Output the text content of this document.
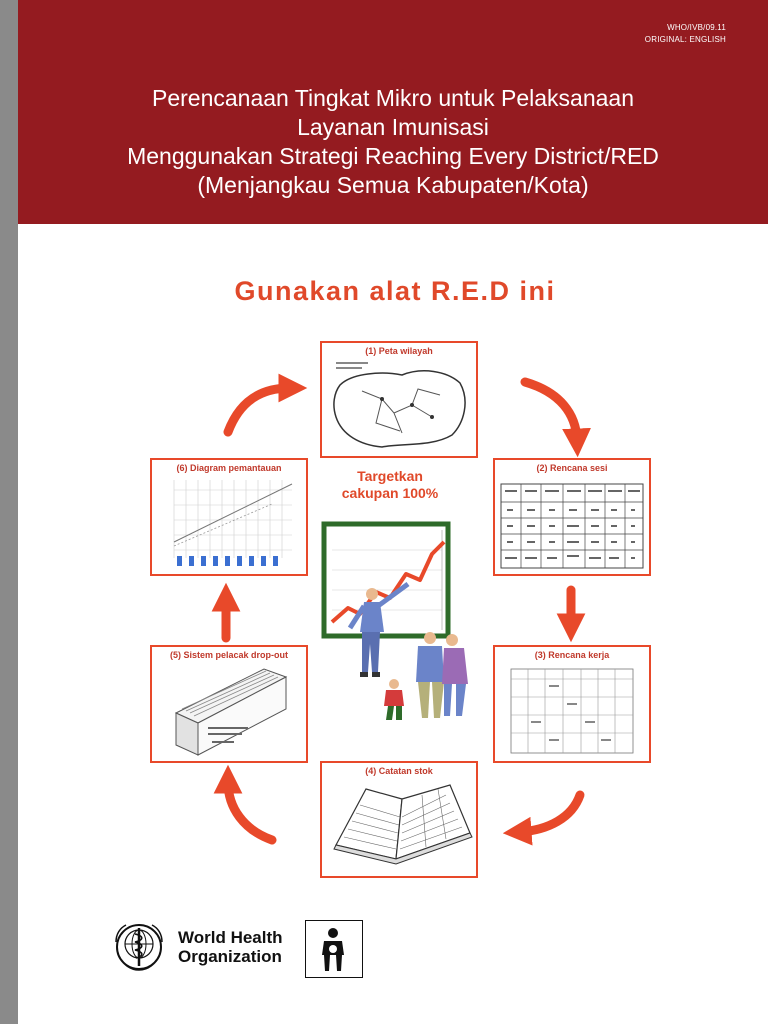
WHO/IVB/09.11
ORIGINAL: ENGLISH
Perencanaan Tingkat Mikro untuk Pelaksanaan
Layanan Imunisasi
Menggunakan Strategi Reaching Every District/RED
(Menjangkau Semua Kabupaten/Kota)
Gunakan alat R.E.D ini
(1) Peta wilayah
(6) Diagram pemantauan	(2) Rencana sesi
Targetkan
cakupan 100%
(5) Sistem pelacak drop-out	(3) Rencana kerja
(4) Catatan stok
World Health
Organization
